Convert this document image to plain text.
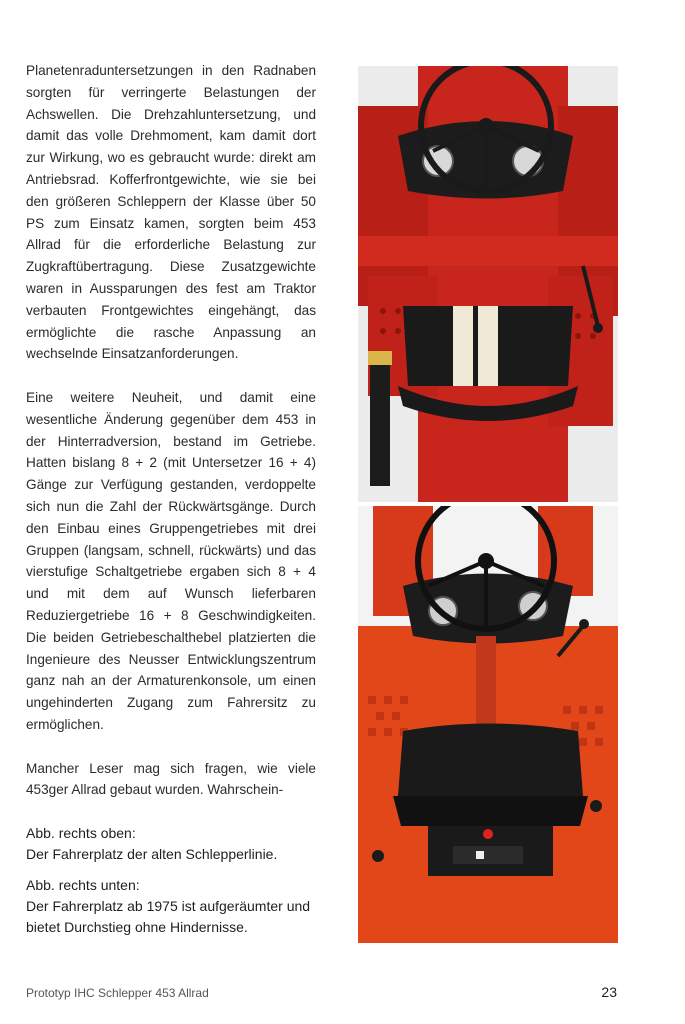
Planetenraduntersetzungen in den Radnaben sorgten für verringerte Belastungen der Achswellen. Die Drehzahluntersetzung, und damit das volle Drehmoment, kam damit dort zur Wirkung, wo es gebraucht wurde: direkt am Antriebsrad. Kofferfrontgewichte, wie sie bei den größeren Schleppern der Klasse über 50 PS zum Einsatz kamen, sorgten beim 453 Allrad für die erforderliche Belastung zur Zugkraftübertragung. Diese Zusatzgewichte waren in Aussparungen des fest am Traktor verbauten Frontgewichtes eingehängt, das ermöglichte die rasche Anpassung an wechselnde Einsatzanforderungen.

Eine weitere Neuheit, und damit eine wesentliche Änderung gegenüber dem 453 in der Hinterradversion, bestand im Getriebe. Hatten bislang 8 + 2 (mit Untersetzer 16 + 4) Gänge zur Verfügung gestanden, verdoppelte sich nun die Zahl der Rückwärtsgänge. Durch den Einbau eines Gruppengetriebes mit drei Gruppen (langsam, schnell, rückwärts) und das vierstufige Schaltgetriebe ergaben sich 8 + 4 und mit dem auf Wunsch lieferbaren Reduziergetriebe 16 + 8 Geschwindigkeiten. Die beiden Getriebeschalthebel platzierten die Ingenieure des Neusser Entwicklungszentrum ganz nah an der Armaturenkonsole, um einen ungehinderten Zugang zum Fahrersitz zu ermöglichen.

Mancher Leser mag sich fragen, wie viele 453ger Allrad gebaut wurden. Wahrschein-

Abb. rechts oben:
Der Fahrerplatz der alten Schlepperlinie.
Abb. rechts unten:
Der Fahrerplatz ab 1975 ist aufgeräumter und bietet Durchstieg ohne Hindernisse.
Prototyp IHC Schlepper 453 Allrad	23
